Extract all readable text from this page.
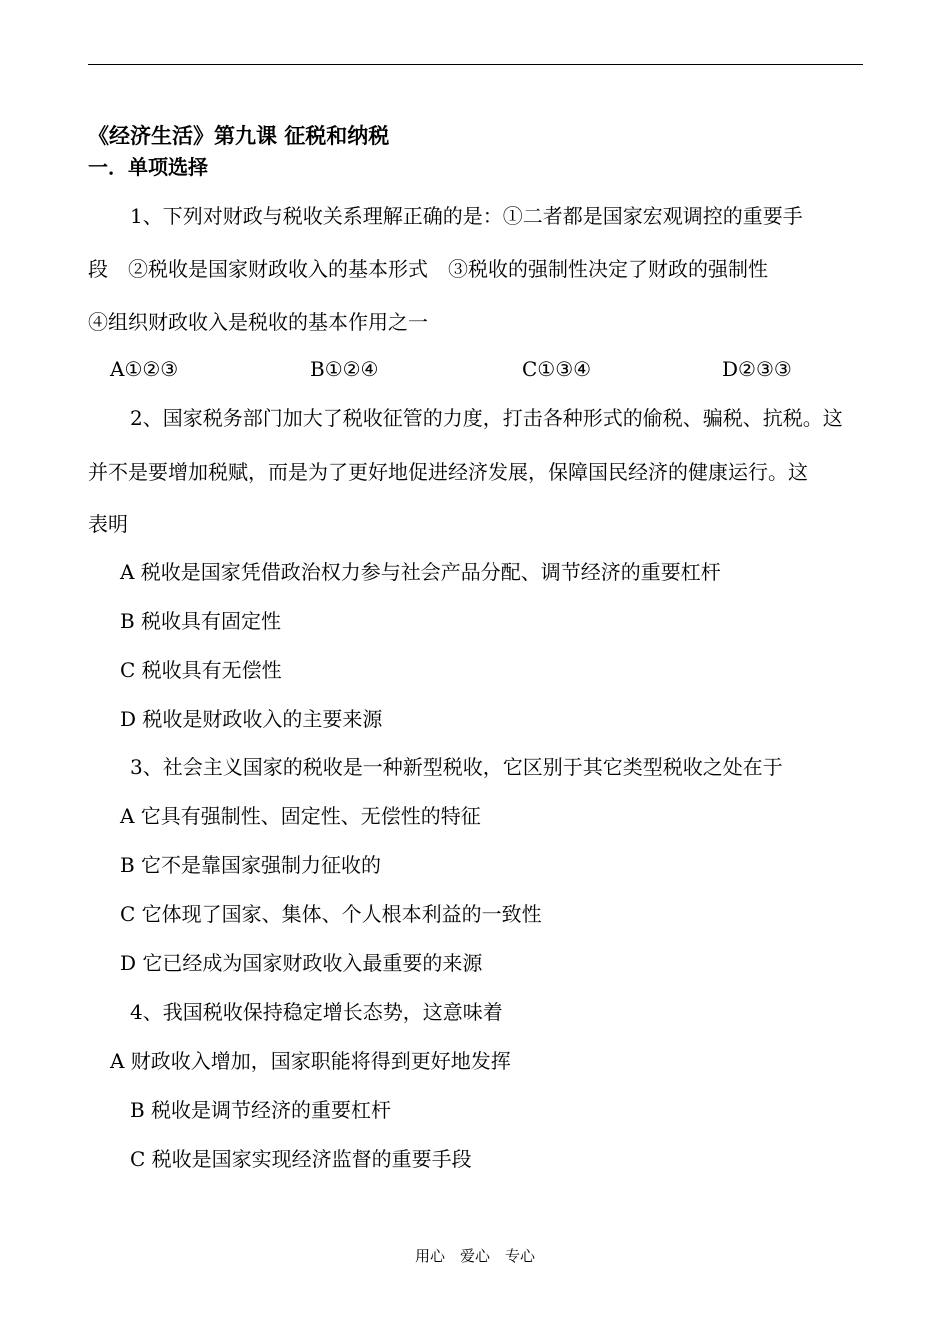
《经济生活》第九课 征税和纳税
一．单项选择
1、下列对财政与税收关系理解正确的是：①二者都是国家宏观调控的重要手
段　②税收是国家财政收入的基本形式　③税收的强制性决定了财政的强制性
④组织财政收入是税收的基本作用之一
A①②③	B①②④	C①③④	D②③③
2、国家税务部门加大了税收征管的力度，打击各种形式的偷税、骗税、抗税。这
并不是要增加税赋，而是为了更好地促进经济发展，保障国民经济的健康运行。这
表明
A 税收是国家凭借政治权力参与社会产品分配、调节经济的重要杠杆
B 税收具有固定性
C 税收具有无偿性
D 税收是财政收入的主要来源
3、社会主义国家的税收是一种新型税收，它区别于其它类型税收之处在于
A 它具有强制性、固定性、无偿性的特征
B 它不是靠国家强制力征收的
C 它体现了国家、集体、个人根本利益的一致性
D 它已经成为国家财政收入最重要的来源
4、我国税收保持稳定增长态势，这意味着
A 财政收入增加，国家职能将得到更好地发挥
B 税收是调节经济的重要杠杆
C 税收是国家实现经济监督的重要手段
用心　爱心　专心
